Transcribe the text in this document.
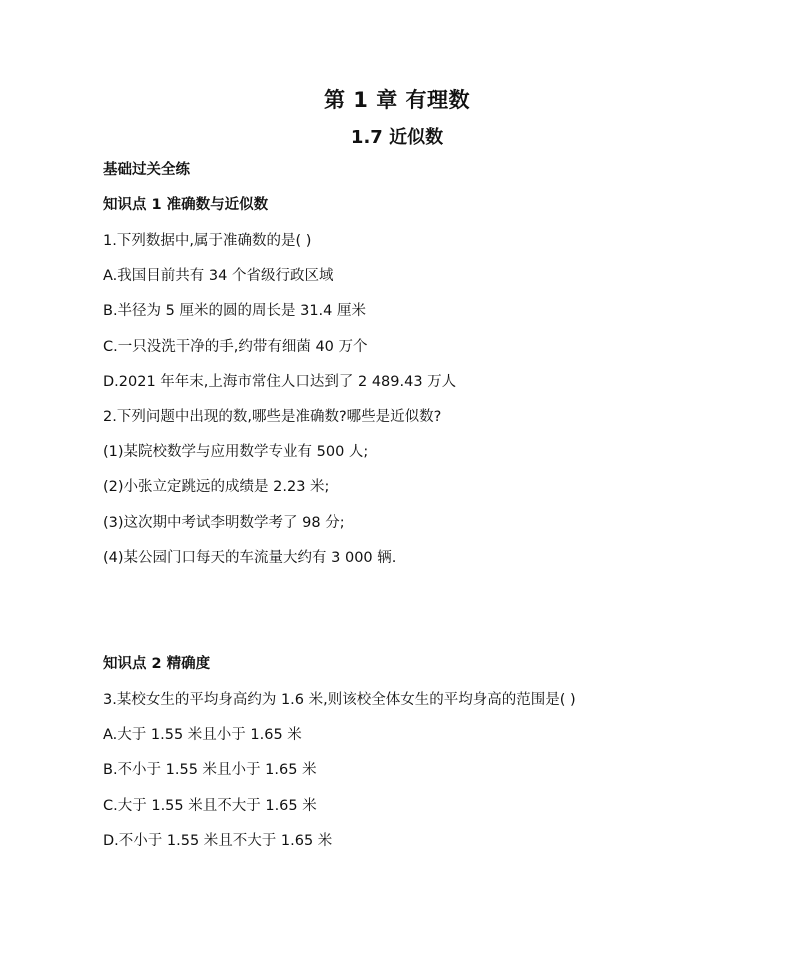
第 1 章 有理数
1.7 近似数
基础过关全练
知识点 1 准确数与近似数
1.下列数据中,属于准确数的是( )
A.我国目前共有 34 个省级行政区域
B.半径为 5 厘米的圆的周长是 31.4 厘米
C.一只没洗干净的手,约带有细菌 40 万个
D.2021 年年末,上海市常住人口达到了 2 489.43 万人
2.下列问题中出现的数,哪些是准确数?哪些是近似数?
(1)某院校数学与应用数学专业有 500 人;
(2)小张立定跳远的成绩是 2.23 米;
(3)这次期中考试李明数学考了 98 分;
(4)某公园门口每天的车流量大约有 3 000 辆.
知识点 2 精确度
3.某校女生的平均身高约为 1.6 米,则该校全体女生的平均身高的范围是( )
A.大于 1.55 米且小于 1.65 米
B.不小于 1.55 米且小于 1.65 米
C.大于 1.55 米且不大于 1.65 米
D.不小于 1.55 米且不大于 1.65 米
